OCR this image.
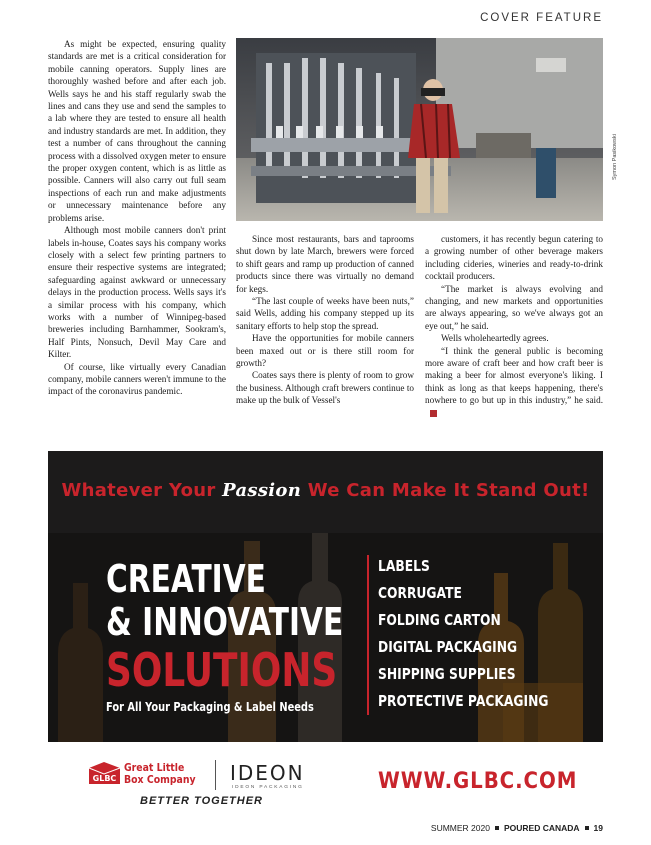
COVER FEATURE
Symon Pasikowski

As might be expected, ensuring quality standards are met is a critical consideration for mobile canning operators. Supply lines are thoroughly washed before and after each job. Wells says he and his staff regularly swab the lines and cans they use and send the samples to a lab where they are tested to ensure all health and industry standards are met. In addition, they test a number of cans throughout the canning process with a dissolved oxygen meter to ensure the proper oxygen content, which is as little as possible. Canners will also carry out full seam inspections of each run and make adjustments or unnecessary maintenance before any problems arise.

Although most mobile canners don't print labels in-house, Coates says his company works closely with a select few printing partners to ensure their respective systems are integrated; safeguarding against awkward or unnecessary delays in the production process. Wells says it's a similar process with his company, which works with a number of Winnipeg-based breweries including Barnhammer, Sookram's, Half Pints, Nonsuch, Devil May Care and Kilter.

Of course, like virtually every Canadian company, mobile canners weren't immune to the impact of the coronavirus pandemic.

Since most restaurants, bars and taprooms shut down by late March, brewers were forced to shift gears and ramp up production of canned products since there was virtually no demand for kegs.

“The last couple of weeks have been nuts,” said Wells, adding his company stepped up its sanitary efforts to help stop the spread.

Have the opportunities for mobile canners been maxed out or is there still room for growth?

Coates says there is plenty of room to grow the business. Although craft brewers continue to make up the bulk of Vessel's

customers, it has recently begun catering to a growing number of other beverage makers including cideries, wineries and ready-to-drink cocktail producers.

“The market is always evolving and changing, and new markets and opportunities are always appearing, so we've always got an eye out,” he said.

Wells wholeheartedly agrees.

“I think the general public is becoming more aware of craft beer and how craft beer is making a beer for almost everyone's liking. I think as long as that keeps happening, there's nowhere to go but up in this industry,” he said.

Whatever Your Passion We Can Make It Stand Out!
CREATIVE
& INNOVATIVE
SOLUTIONS
For All Your Packaging & Label Needs
LABELS
CORRUGATE
FOLDING CARTON
DIGITAL PACKAGING
SHIPPING SUPPLIES
PROTECTIVE PACKAGING
GLBC
Great Little
Box Company IDEON
IDEON PACKAGING
BETTER TOGETHER
WWW.GLBC.COM
SUMMER 2020 POURED CANADA 19
